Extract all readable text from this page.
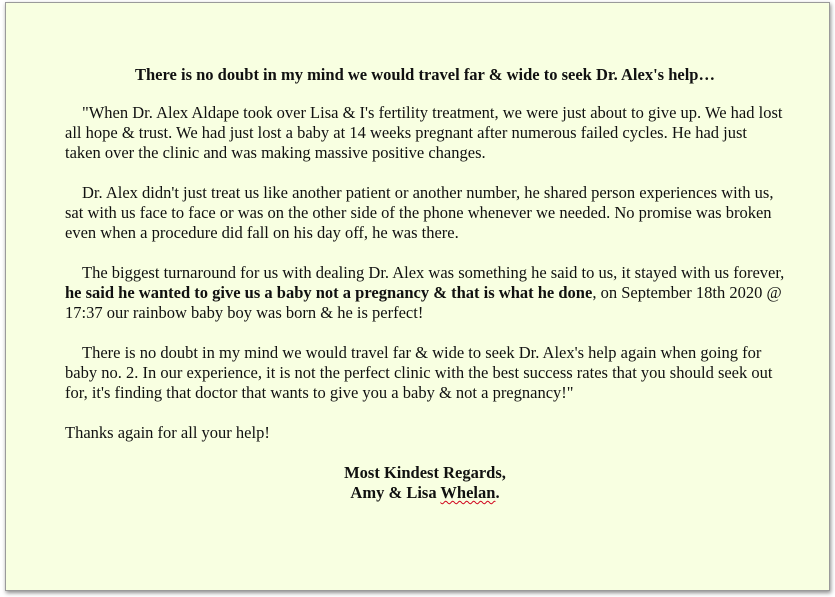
There is no doubt in my mind we would travel far & wide to seek Dr. Alex's help…

"When Dr. Alex Aldape took over Lisa & I's fertility treatment, we were just about to give up. We had lost all hope & trust. We had just lost a baby at 14 weeks pregnant after numerous failed cycles. He had just taken over the clinic and was making massive positive changes.

Dr. Alex didn't just treat us like another patient or another number, he shared person experiences with us, sat with us face to face or was on the other side of the phone whenever we needed. No promise was broken even when a procedure did fall on his day off, he was there.

The biggest turnaround for us with dealing Dr. Alex was something he said to us, it stayed with us forever, he said he wanted to give us a baby not a pregnancy & that is what he done, on September 18th 2020 @ 17:37 our rainbow baby boy was born & he is perfect!

There is no doubt in my mind we would travel far & wide to seek Dr. Alex's help again when going for baby no. 2. In our experience, it is not the perfect clinic with the best success rates that you should seek out for, it's finding that doctor that wants to give you a baby & not a pregnancy!"

Thanks again for all your help!

Most Kindest Regards,
Amy & Lisa Whelan.
